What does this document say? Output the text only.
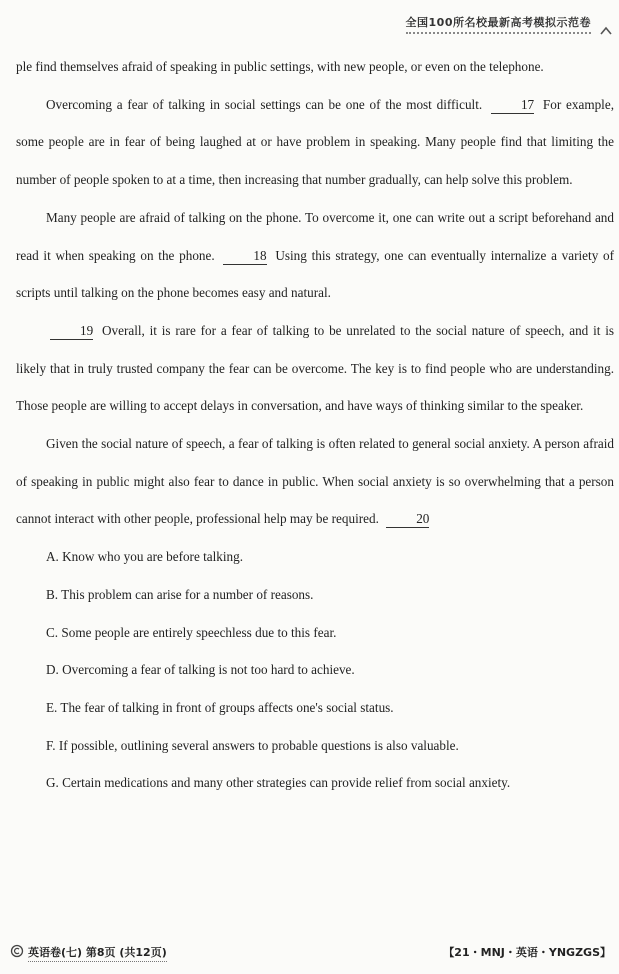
全国100所名校最新高考模拟示范卷

ple find themselves afraid of speaking in public settings, with new people, or even on the telephone.

Overcoming a fear of talking in social settings can be one of the most difficult.	17 For example, some people are in fear of being laughed at or have problem in speaking. Many people find that limiting the number of people spoken to at a time, then increasing that number gradually, can help solve this problem.

Many people are afraid of talking on the phone. To overcome it, one can write out a script beforehand and read it when speaking on the phone.	18 Using this strategy, one can eventually internalize a variety of scripts until talking on the phone becomes easy and natural.

19 Overall, it is rare for a fear of talking to be unrelated to the social nature of speech, and it is likely that in truly trusted company the fear can be overcome. The key is to find people who are understanding. Those people are willing to accept delays in conversation, and have ways of thinking similar to the speaker.

Given the social nature of speech, a fear of talking is often related to general social anxiety. A person afraid of speaking in public might also fear to dance in public. When social anxiety is so overwhelming that a person cannot interact with other people, professional help may be required.	20

A. Know who you are before talking.
B. This problem can arise for a number of reasons.
C. Some people are entirely speechless due to this fear.
D. Overcoming a fear of talking is not too hard to achieve.
E. The fear of talking in front of groups affects one's social status.
F. If possible, outlining several answers to probable questions is also valuable.
G. Certain medications and many other strategies can provide relief from social anxiety.
英语卷(七) 第8页 (共12页)	【21・MNJ・英语・YNGZGS】
